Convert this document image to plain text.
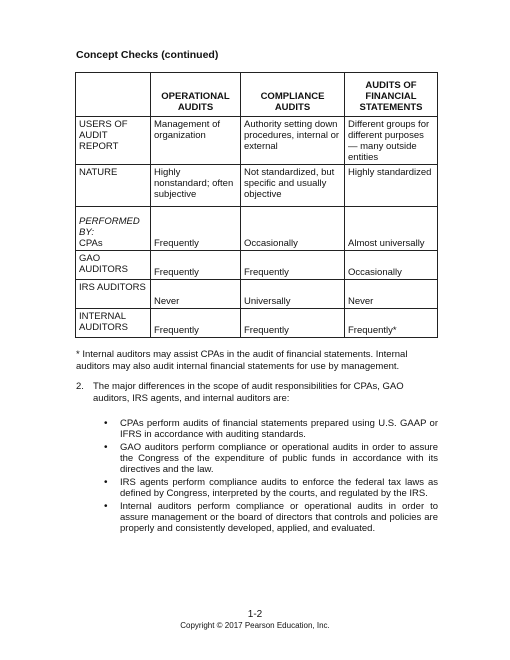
Concept Checks (continued)
	OPERATIONAL AUDITS	COMPLIANCE AUDITS	AUDITS OF FINANCIAL STATEMENTS
USERS OF AUDIT REPORT	Management of organization	Authority setting down procedures, internal or external	Different groups for different purposes — many outside entities
NATURE	Highly nonstandard; often subjective	Not standardized, but specific and usually objective	Highly standardized

PERFORMED BY:
CPAs	Frequently	Occasionally	Almost universally
GAO AUDITORS	Frequently	Frequently	Occasionally
IRS AUDITORS	Never	Universally	Never
INTERNAL AUDITORS	Frequently	Frequently	Frequently*
* Internal auditors may assist CPAs in the audit of financial statements. Internal auditors may also audit internal financial statements for use by management.
2. The major differences in the scope of audit responsibilities for CPAs, GAO auditors, IRS agents, and internal auditors are:
• CPAs perform audits of financial statements prepared using U.S. GAAP or IFRS in accordance with auditing standards.
• GAO auditors perform compliance or operational audits in order to assure the Congress of the expenditure of public funds in accordance with its directives and the law.
• IRS agents perform compliance audits to enforce the federal tax laws as defined by Congress, interpreted by the courts, and regulated by the IRS.
• Internal auditors perform compliance or operational audits in order to assure management or the board of directors that controls and policies are properly and consistently developed, applied, and evaluated.
1-2
Copyright © 2017 Pearson Education, Inc.
